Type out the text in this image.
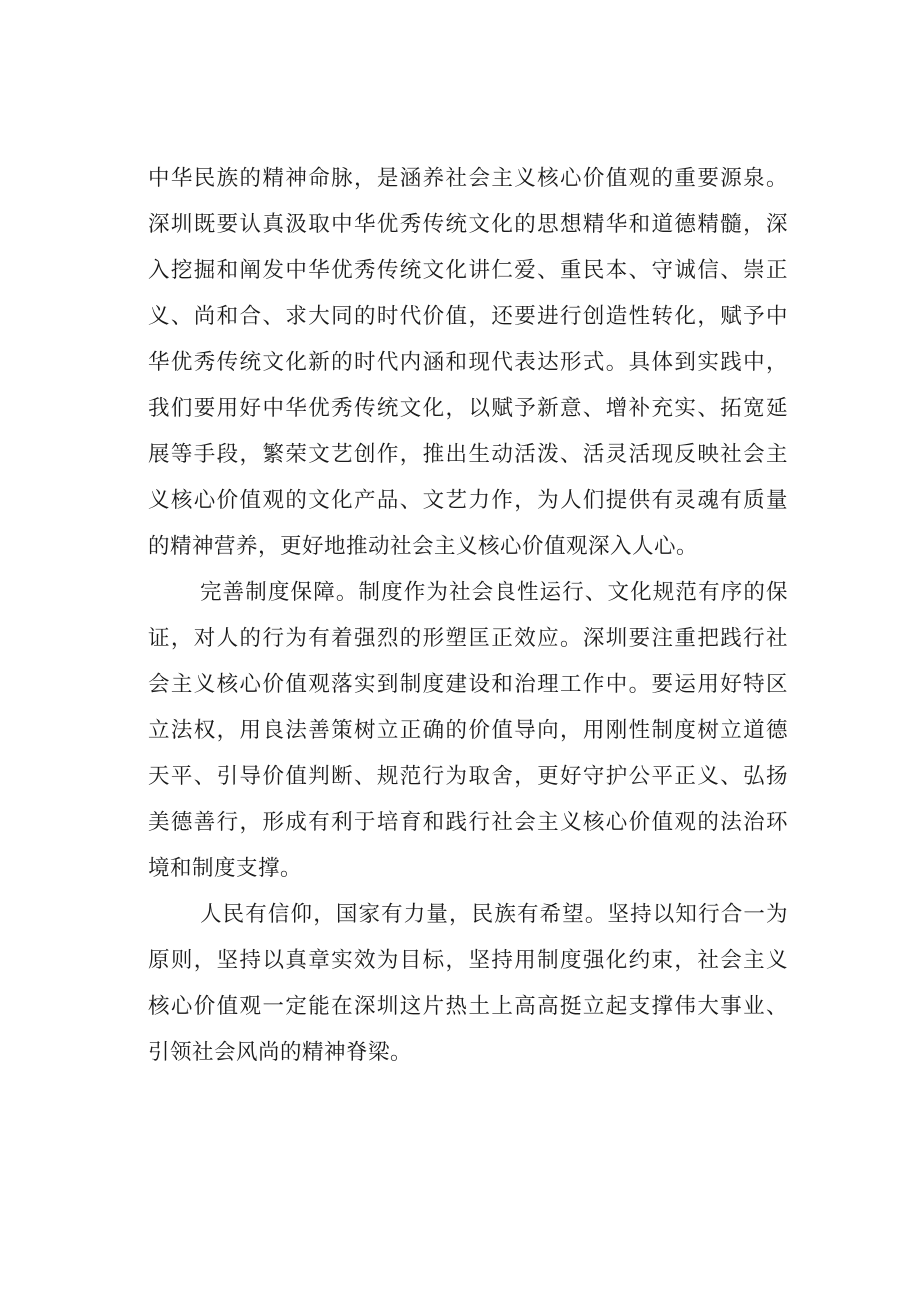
中华民族的精神命脉，是涵养社会主义核心价值观的重要源泉。
深圳既要认真汲取中华优秀传统文化的思想精华和道德精髓，深
入挖掘和阐发中华优秀传统文化讲仁爱、重民本、守诚信、崇正
义、尚和合、求大同的时代价值，还要进行创造性转化，赋予中
华优秀传统文化新的时代内涵和现代表达形式。具体到实践中，
我们要用好中华优秀传统文化，以赋予新意、增补充实、拓宽延
展等手段，繁荣文艺创作，推出生动活泼、活灵活现反映社会主
义核心价值观的文化产品、文艺力作，为人们提供有灵魂有质量
的精神营养，更好地推动社会主义核心价值观深入人心。
完善制度保障。制度作为社会良性运行、文化规范有序的保
证，对人的行为有着强烈的形塑匡正效应。深圳要注重把践行社
会主义核心价值观落实到制度建设和治理工作中。要运用好特区
立法权，用良法善策树立正确的价值导向，用刚性制度树立道德
天平、引导价值判断、规范行为取舍，更好守护公平正义、弘扬
美德善行，形成有利于培育和践行社会主义核心价值观的法治环
境和制度支撑。
人民有信仰，国家有力量，民族有希望。坚持以知行合一为
原则，坚持以真章实效为目标，坚持用制度强化约束，社会主义
核心价值观一定能在深圳这片热土上高高挺立起支撑伟大事业、
引领社会风尚的精神脊梁。
